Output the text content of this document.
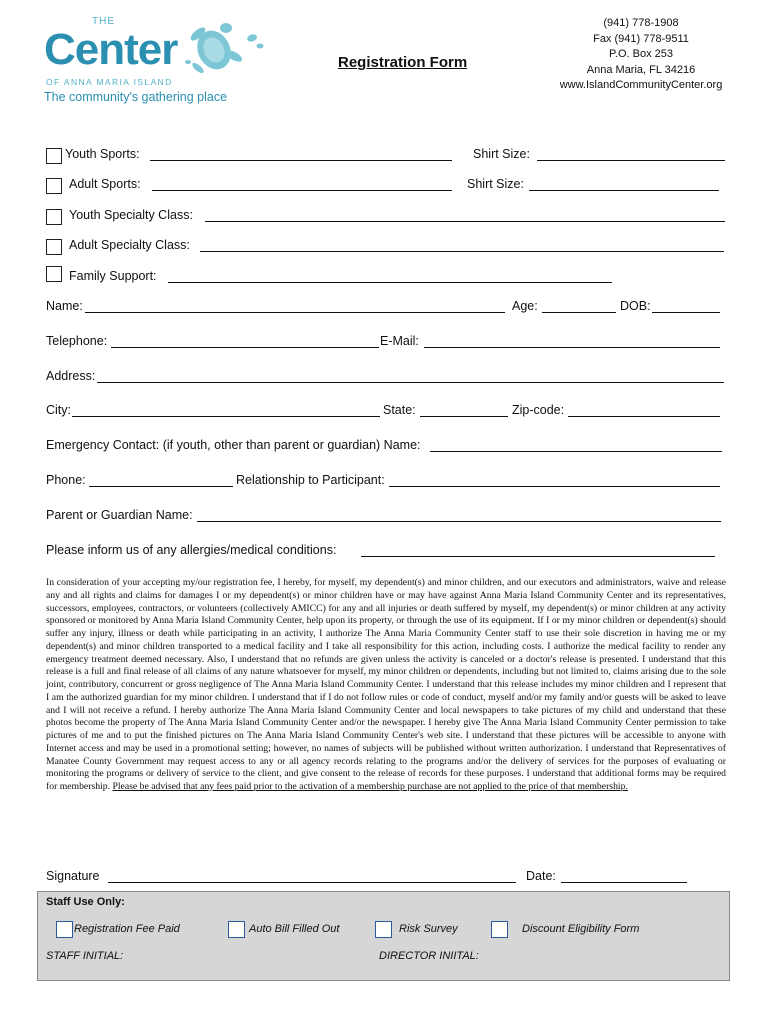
THE
Center
OF ANNA MARIA ISLAND
The community's gathering place
Registration Form
(941) 778-1908
Fax (941) 778-9511
P.O. Box 253
Anna Maria, FL 34216
www.IslandCommunityCenter.org
Youth Sports:	Shirt Size:
Adult Sports:	Shirt Size:
Youth Specialty Class:
Adult Specialty Class:
Family Support:
Name:	Age:	DOB:
Telephone:	E-Mail:
Address:
City:	State:	Zip-code:
Emergency Contact: (if youth, other than parent or guardian) Name:
Phone:	Relationship to Participant:
Parent or Guardian Name:
Please inform us of any allergies/medical conditions:
In consideration of your accepting my/our registration fee, I hereby, for myself, my dependent(s) and minor children, and our executors and administrators, waive and release any and all rights and claims for damages I or my dependent(s) or minor children have or may have against Anna Maria Island Community Center and its representatives, successors, employees, contractors, or volunteers (collectively AMICC) for any and all injuries or death suffered by myself, my dependent(s) or minor children at any activity sponsored or monitored by Anna Maria Island Community Center, help upon its property, or through the use of its equipment. If I or my minor children or dependent(s) should suffer any injury, illness or death while participating in an activity, I authorize The Anna Maria Community Center staff to use their sole discretion in having me or my dependent(s) and minor children transported to a medical facility and I take all responsibility for this action, including costs. I authorize the medical facility to render any emergency treatment deemed necessary. Also, I understand that no refunds are given unless the activity is canceled or a doctor's release is presented. I understand that this release is a full and final release of all claims of any nature whatsoever for myself, my minor children or dependents, including but not limited to, claims arising due to the sole joint, contributory, concurrent or gross negligence of The Anna Maria Island Community Center. I understand that this release includes my minor children and I represent that I am the authorized guardian for my minor children. I understand that if I do not follow rules or code of conduct, myself and/or my family and/or guests will be asked to leave and I will not receive a refund. I hereby authorize The Anna Maria Island Community Center and local newspapers to take pictures of my child and understand that these photos become the property of The Anna Maria Island Community Center and/or the newspaper. I hereby give The Anna Maria Island Community Center permission to take pictures of me and to put the finished pictures on The Anna Maria Island Community Center's web site. I understand that these pictures will be accessible to anyone with Internet access and may be used in a promotional setting; however, no names of subjects will be published without written authorization. I understand that Representatives of Manatee County Government may request access to any or all agency records relating to the programs and/or the delivery of services for the purposes of evaluating or monitoring the programs or delivery of service to the client, and give consent to the release of records for these purposes. I understand that additional forms may be required for membership. Please be advised that any fees paid prior to the activation of a membership purchase are not applied to the price of that membership.
Signature	Date:
Staff Use Only:
Registration Fee Paid	Auto Bill Filled Out	Risk Survey	Discount Eligibility Form
STAFF INITIAL:	DIRECTOR INIITAL:
